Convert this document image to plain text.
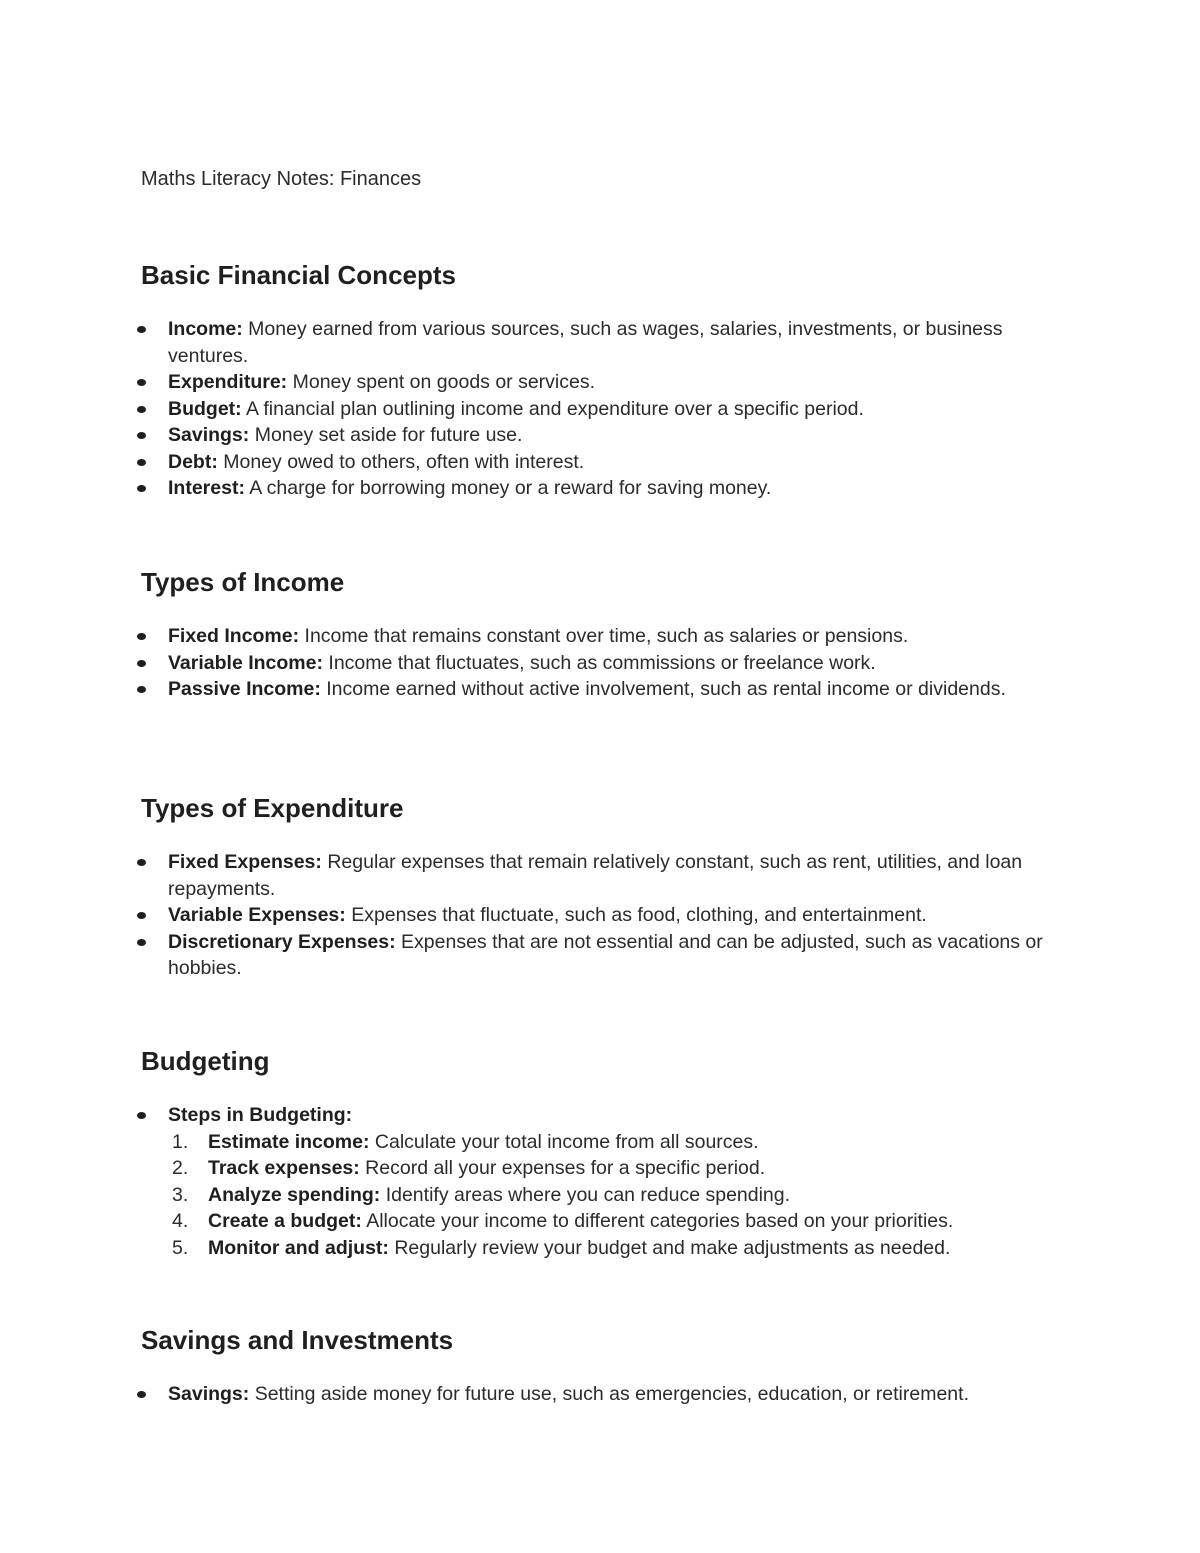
Maths Literacy Notes: Finances

Basic Financial Concepts
Income: Money earned from various sources, such as wages, salaries, investments, or business ventures.
Expenditure: Money spent on goods or services.
Budget: A financial plan outlining income and expenditure over a specific period.
Savings: Money set aside for future use.
Debt: Money owed to others, often with interest.
Interest: A charge for borrowing money or a reward for saving money.
Types of Income
Fixed Income: Income that remains constant over time, such as salaries or pensions.
Variable Income: Income that fluctuates, such as commissions or freelance work.
Passive Income: Income earned without active involvement, such as rental income or dividends.
Types of Expenditure
Fixed Expenses: Regular expenses that remain relatively constant, such as rent, utilities, and loan repayments.
Variable Expenses: Expenses that fluctuate, such as food, clothing, and entertainment.
Discretionary Expenses: Expenses that are not essential and can be adjusted, such as vacations or hobbies.
Budgeting
Steps in Budgeting:
1.	Estimate income: Calculate your total income from all sources.
2.	Track expenses: Record all your expenses for a specific period.
3.	Analyze spending: Identify areas where you can reduce spending.
4.	Create a budget: Allocate your income to different categories based on your priorities.
5.	Monitor and adjust: Regularly review your budget and make adjustments as needed.
Savings and Investments
Savings: Setting aside money for future use, such as emergencies, education, or retirement.
